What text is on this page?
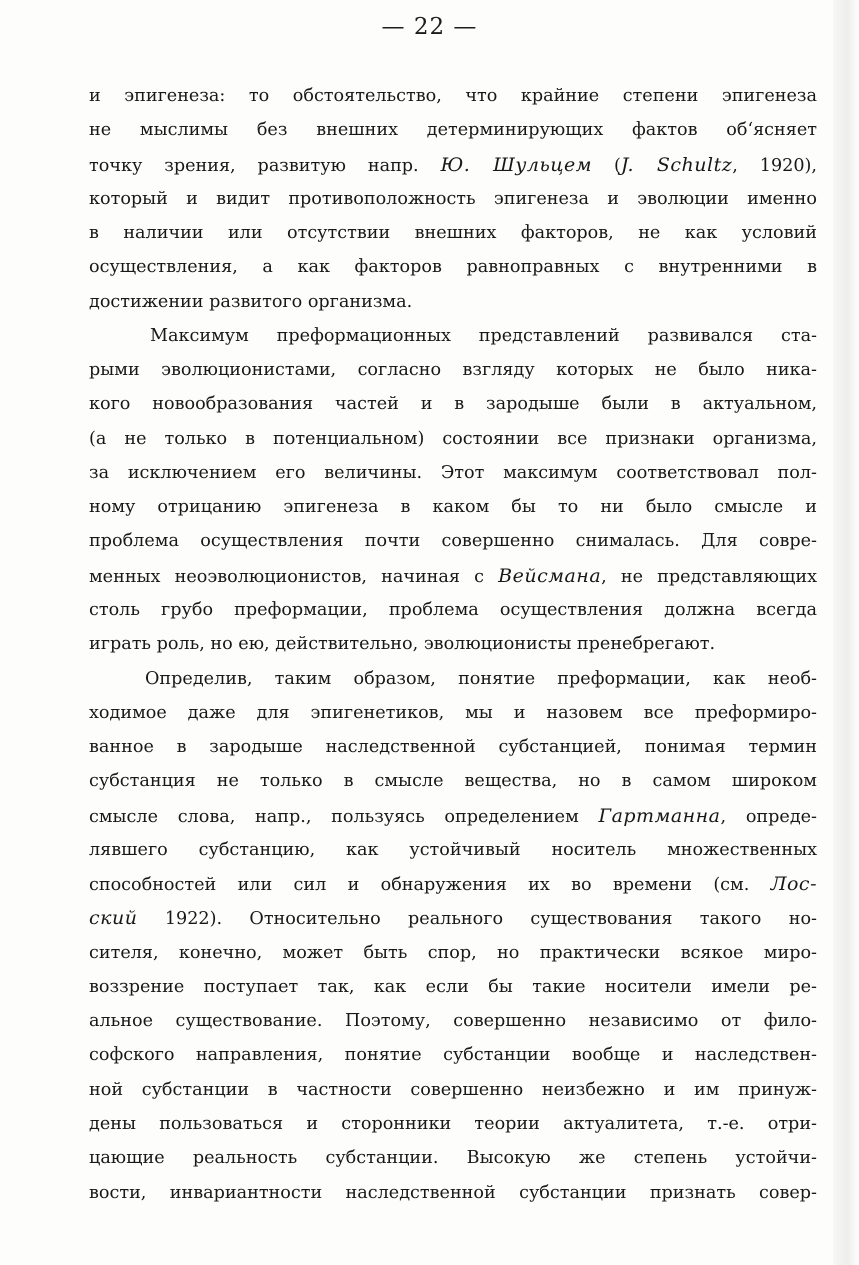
— 22 —
и эпигенеза: то обстоятельство, что крайние степени эпигенеза
не мыслимы без внешних детерминирующих фактов об‘ясняет
точку зрения, развитую напр. Ю. Шульцем (J. Schultz, 1920),
который и видит противоположность эпигенеза и эволюции именно
в наличии или отсутствии внешних факторов, не как условий
осуществления, а как факторов равноправных с внутренними в
достижении развитого организма.
Максимум преформационных представлений развивался ста-
рыми эволюционистами, согласно взгляду которых не было ника-
кого новообразования частей и в зародыше были в актуальном,
(а не только в потенциальном) состоянии все признаки организма,
за исключением его величины. Этот максимум соответствовал пол-
ному отрицанию эпигенеза в каком бы то ни было смысле и
проблема осуществления почти совершенно снималась. Для совре-
менных неоэволюционистов, начиная с Вейсмана, не представляющих
столь грубо преформации, проблема осуществления должна всегда
играть роль, но ею, действительно, эволюционисты пренебрегают.
Определив, таким образом, понятие преформации, как необ-
ходимое даже для эпигенетиков, мы и назовем все преформиро-
ванное в зародыше наследственной субстанцией, понимая термин
субстанция не только в смысле вещества, но в самом широком
смысле слова, напр., пользуясь определением Гартманна, опреде-
лявшего субстанцию, как устойчивый носитель множественных
способностей или сил и обнаружения их во времени (см. Лос-
ский 1922). Относительно реального существования такого но-
сителя, конечно, может быть спор, но практически всякое миро-
воззрение поступает так, как если бы такие носители имели ре-
альное существование. Поэтому, совершенно независимо от фило-
софского направления, понятие субстанции вообще и наследствен-
ной субстанции в частности совершенно неизбежно и им принуж-
дены пользоваться и сторонники теории актуалитета, т.-е. отри-
цающие реальность субстанции. Высокую же степень устойчи-
вости, инвариантности наследственной субстанции признать совер-
